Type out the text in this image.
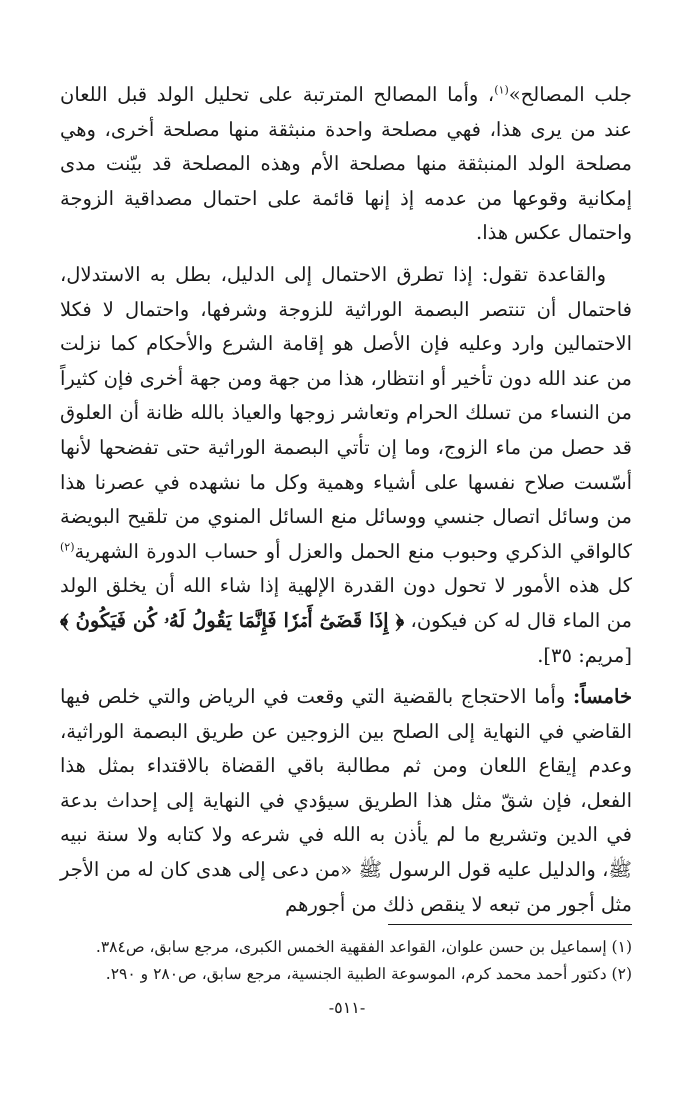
جلب المصالح»$^{(١)}$، وأما المصالح المترتبة على تحليل الولد قبل اللعان عند من يرى هذا، فهي مصلحة واحدة منبثقة منها مصلحة أخرى، وهي مصلحة الولد المنبثقة منها مصلحة الأم وهذه المصلحة قد بيّنت مدى إمكانية وقوعها من عدمه إذ إنها قائمة على احتمال مصداقية الزوجة واحتمال عكس هذا.

والقاعدة تقول: إذا تطرق الاحتمال إلى الدليل، بطل به الاستدلال، فاحتمال أن تنتصر البصمة الوراثية للزوجة وشرفها، واحتمال لا فكلا الاحتمالين وارد وعليه فإن الأصل هو إقامة الشرع والأحكام كما نزلت من عند الله دون تأخير أو انتظار، هذا من جهة ومن جهة أخرى فإن كثيراً من النساء من تسلك الحرام وتعاشر زوجها والعياذ بالله ظانة أن العلوق قد حصل من ماء الزوج، وما إن تأتي البصمة الوراثية حتى تفضحها لأنها أسّست صلاح نفسها على أشياء وهمية وكل ما نشهده في عصرنا هذا من وسائل اتصال جنسي ووسائل منع السائل المنوي من تلقيح البويضة كالواقي الذكري وحبوب منع الحمل والعزل أو حساب الدورة الشهرية$^{(٢)}$ كل هذه الأمور لا تحول دون القدرة الإلهية إذا شاء الله أن يخلق الولد من الماء قال له كن فيكون، ﴿ إِذَا قَضَىٰٓ أَمۡرٗا فَإِنَّمَا يَقُولُ لَهُۥ كُن فَيَكُونُ ﴾ [مريم: ٣٥].

خامساً: وأما الاحتجاج بالقضية التي وقعت في الرياض والتي خلص فيها القاضي في النهاية إلى الصلح بين الزوجين عن طريق البصمة الوراثية، وعدم إيقاع اللعان ومن ثم مطالبة باقي القضاة بالاقتداء بمثل هذا الفعل، فإن شقّ مثل هذا الطريق سيؤدي في النهاية إلى إحداث بدعة في الدين وتشريع ما لم يأذن به الله في شرعه ولا كتابه ولا سنة نبيه ﷺ، والدليل عليه قول الرسول ﷺ «من دعى إلى هدى كان له من الأجر مثل أجور من تبعه لا ينقص ذلك من أجورهم

(١) إسماعيل بن حسن علوان، القواعد الفقهية الخمس الكبرى، مرجع سابق، ص٣٨٤.

(٢) دكتور أحمد محمد كرم، الموسوعة الطبية الجنسية، مرجع سابق، ص٢٨٠ و ٢٩٠.

-٥١١-
